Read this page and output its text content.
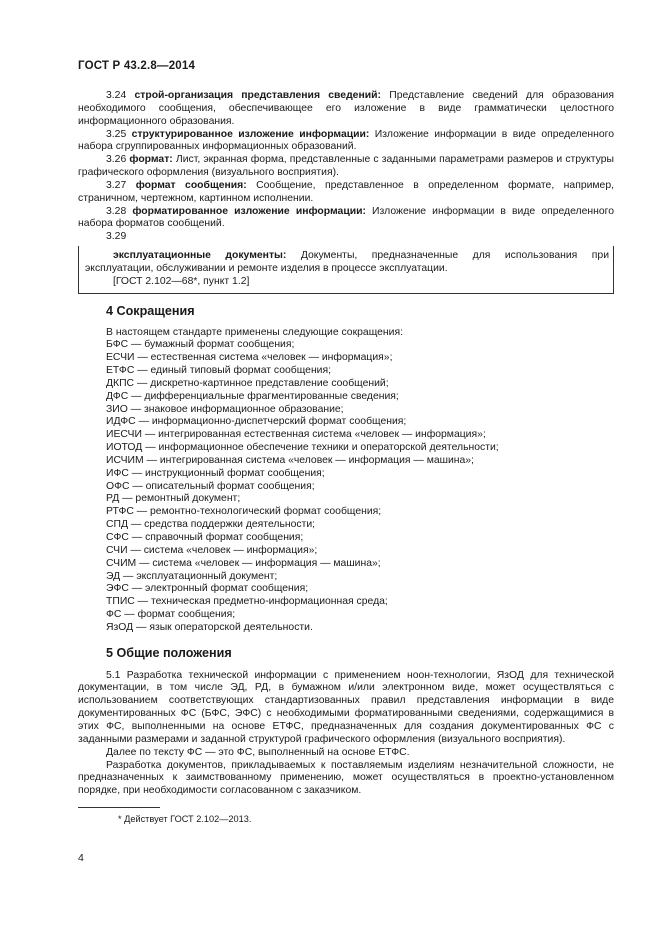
ГОСТ Р 43.2.8—2014
3.24 строй-организация представления сведений: Представление сведений для образования необходимого сообщения, обеспечивающее его изложение в виде грамматически целостного информационного образования.
3.25 структурированное изложение информации: Изложение информации в виде определенного набора сгруппированных информационных образований.
3.26 формат: Лист, экранная форма, представленные с заданными параметрами размеров и структуры графического оформления (визуального восприятия).
3.27 формат сообщения: Сообщение, представленное в определенном формате, например, страничном, чертежном, картинном исполнении.
3.28 форматированное изложение информации: Изложение информации в виде определенного набора форматов сообщений.
3.29
эксплуатационные документы: Документы, предназначенные для использования при эксплуатации, обслуживании и ремонте изделия в процессе эксплуатации.
[ГОСТ 2.102—68*, пункт 1.2]
4 Сокращения
В настоящем стандарте применены следующие сокращения:
БФС — бумажный формат сообщения;
ЕСЧИ — естественная система «человек — информация»;
ЕТФС — единый типовый формат сообщения;
ДКПС — дискретно-картинное представление сообщений;
ДФС — дифференциальные фрагментированные сведения;
ЗИО — знаковое информационное образование;
ИДФС — информационно-диспетчерский формат сообщения;
ИЕСЧИ — интегрированная естественная система «человек — информация»;
ИОТОД — информационное обеспечение техники и операторской деятельности;
ИСЧИМ — интегрированная система «человек — информация — машина»;
ИФС — инструкционный формат сообщения;
ОФС — описательный формат сообщения;
РД — ремонтный документ;
РТФС — ремонтно-технологический формат сообщения;
СПД — средства поддержки деятельности;
СФС — справочный формат сообщения;
СЧИ — система «человек — информация»;
СЧИМ — система «человек — информация — машина»;
ЭД — эксплуатационный документ;
ЭФС — электронный формат сообщения;
ТПИС — техническая предметно-информационная среда;
ФС — формат сообщения;
ЯзОД — язык операторской деятельности.
5 Общие положения
5.1 Разработка технической информации с применением ноон-технологии, ЯзОД для технической документации, в том числе ЭД, РД, в бумажном и/или электронном виде, может осуществляться с использованием соответствующих стандартизованных правил представления информации в виде документированных ФС (БФС, ЭФС) с необходимыми форматированными сведениями, содержащимися в этих ФС, выполненными на основе ЕТФС, предназначенных для создания документированных ФС с заданными размерами и заданной структурой графического оформления (визуального восприятия).
Далее по тексту ФС — это ФС, выполненный на основе ЕТФС.
Разработка документов, прикладываемых к поставляемым изделиям незначительной сложности, не предназначенных к заимствованному применению, может осуществляться в проектно-установленном порядке, при необходимости согласованном с заказчиком.
* Действует ГОСТ 2.102—2013.
4
